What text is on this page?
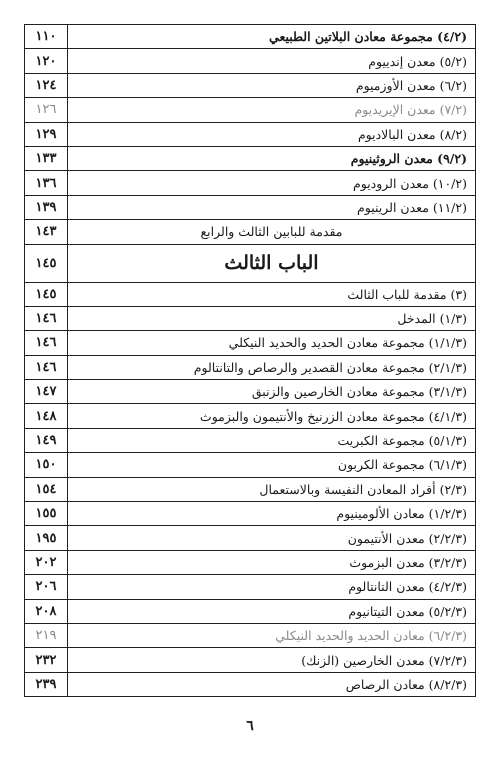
١١٠	(٤/٢) مجموعة معادن البلاتين الطبيعي
١٢٠	(٥/٢) معدن إندييوم
١٢٤	(٦/٢) معدن الأوزميوم
١٢٦	(٧/٢) معدن الإيريديوم
١٢٩	(٨/٢) معدن البالاديوم
١٣٣	(٩/٢) معدن الروثينيوم
١٣٦	(١٠/٢) معدن الروديوم
١٣٩	(١١/٢) معدن الرينيوم
١٤٣	مقدمة للبابين الثالث والرابع
١٤٥	الباب الثالث
١٤٥	(٣) مقدمة للباب الثالث
١٤٦	(١/٣) المدخل
١٤٦	(١/١/٣) مجموعة معادن الحديد والحديد النيكلي
١٤٦	(٢/١/٣) مجموعة معادن القصدير والرصاص والتانتالوم
١٤٧	(٣/١/٣) مجموعة معادن الخارصين والزنبق
١٤٨	(٤/١/٣) مجموعة معادن الزرنيخ والأنتيمون والبزموث
١٤٩	(٥/١/٣) مجموعة الكبريت
١٥٠	(٦/١/٣) مجموعة الكربون
١٥٤	(٢/٣) أفراد المعادن النفيسة وبالاستعمال
١٥٥	(١/٢/٣) معادن الألومينيوم
١٩٥	(٢/٢/٣) معدن الأنتيمون
٢٠٢	(٣/٢/٣) معدن البزموث
٢٠٦	(٤/٢/٣) معدن التانتالوم
٢٠٨	(٥/٢/٣) معدن التيتانيوم
٢١٩	(٦/٢/٣) معادن الحديد والحديد النيكلي
٢٣٢	(٧/٢/٣) معدن الخارصين (الزنك)
٢٣٩	(٨/٢/٣) معادن الرصاص
٦
